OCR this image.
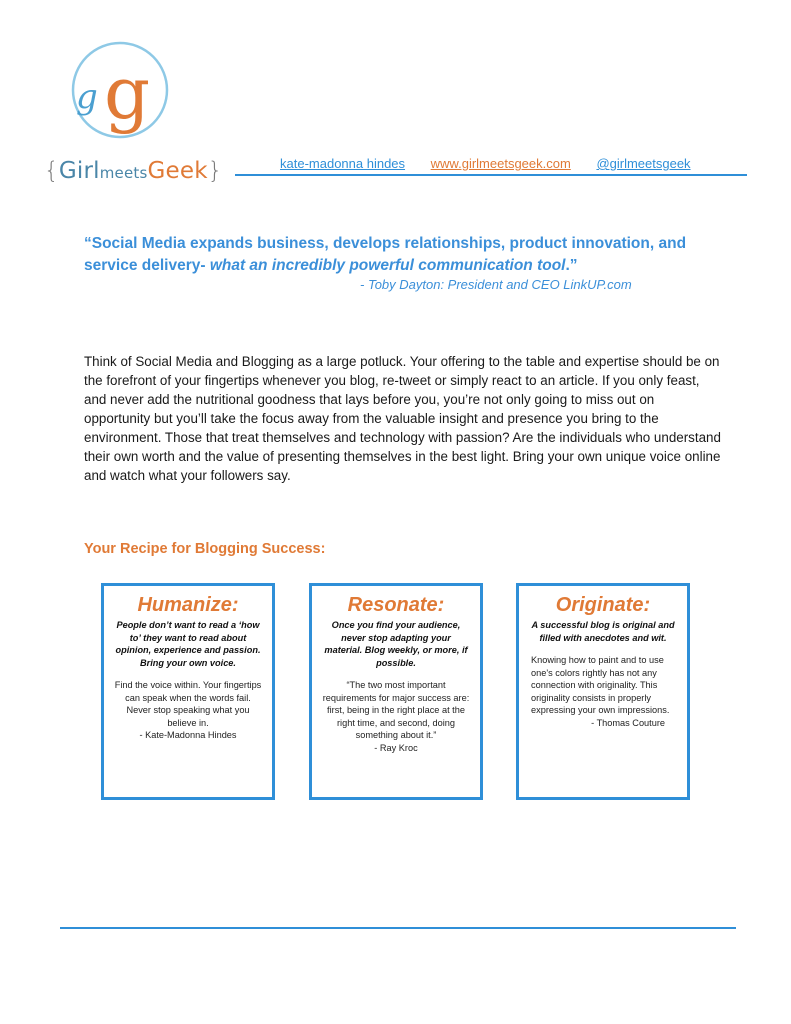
g g
{GirlmeetsGeek}	kate-madonna hindes www.girlmeetsgeek.com @girlmeetsgeek
“Social Media expands business, develops relationships, product innovation, and service delivery- what an incredibly powerful communication tool.”
- Toby Dayton: President and CEO LinkUP.com
Think of Social Media and Blogging as a large potluck. Your offering to the table and expertise should be on the forefront of your fingertips whenever you blog, re-tweet or simply react to an article. If you only feast, and never add the nutritional goodness that lays before you, you’re not only going to miss out on opportunity but you’ll take the focus away from the valuable insight and presence you bring to the environment. Those that treat themselves and technology with passion? Are the individuals who understand their own worth and the value of presenting themselves in the best light. Bring your own unique voice online and watch what your followers say.
Your Recipe for Blogging Success:
Humanize:
People don’t want to read a ‘how to’ they want to read about opinion, experience and passion. Bring your own voice.
Find the voice within. Your fingertips can speak when the words fail. Never stop speaking what you believe in.
- Kate-Madonna Hindes
Resonate:
Once you find your audience, never stop adapting your material. Blog weekly, or more, if possible.
“The two most important requirements for major success are: first, being in the right place at the right time, and second, doing something about it.”
- Ray Kroc
Originate:
A successful blog is original and filled with anecdotes and wit.
Knowing how to paint and to use one's colors rightly has not any connection with originality. This originality consists in properly expressing your own impressions.
- Thomas Couture
